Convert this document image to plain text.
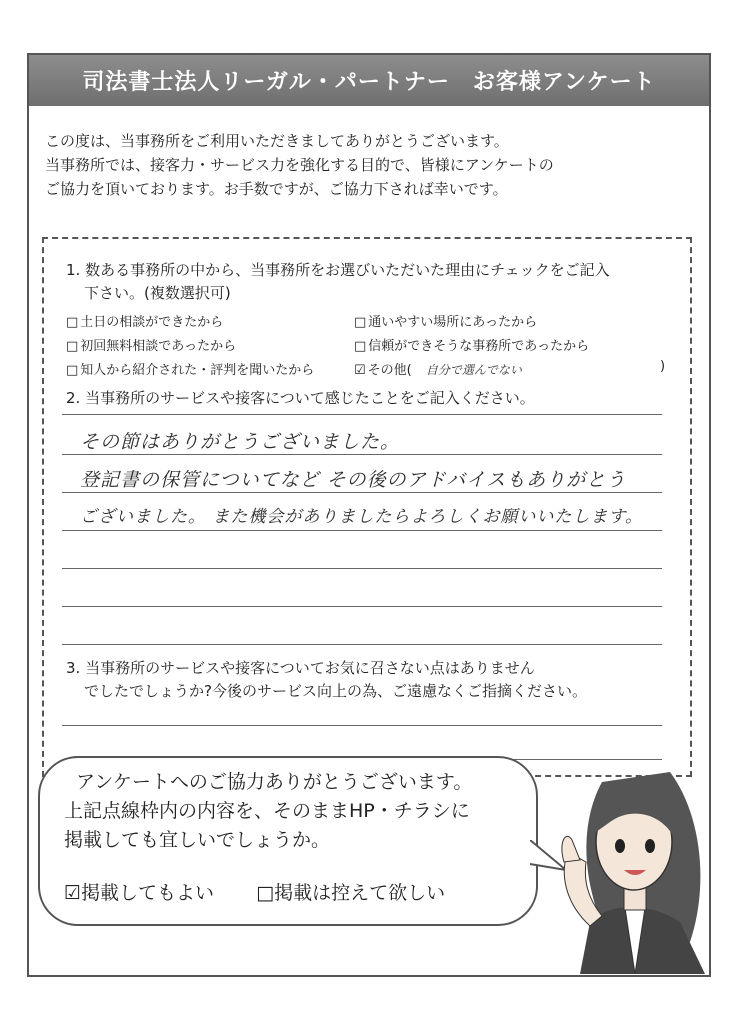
司法書士法人リーガル・パートナー　お客様アンケート
この度は、当事務所をご利用いただきましてありがとうございます。
当事務所では、接客力・サービス力を強化する目的で、皆様にアンケートの
ご協力を頂いております。お手数ですが、ご協力下されば幸いです。
1. 数ある事務所の中から、当事務所をお選びいただいた理由にチェックをご記入
下さい。(複数選択可)
□ 土日の相談ができたから	□ 通いやすい場所にあったから
□ 初回無料相談であったから	□ 信頼ができそうな事務所であったから
□ 知人から紹介された・評判を聞いたから	☑ その他( 自分で選んでない	)
2. 当事務所のサービスや接客について感じたことをご記入ください。
その節はありがとうございました。
登記書の保管についてなど その後のアドバイスもありがとう
ございました。 また機会がありましたらよろしくお願いいたします。
3. 当事務所のサービスや接客についてお気に召さない点はありません
でしたでしょうか?今後のサービス向上の為、ご遠慮なくご指摘ください。
アンケートへのご協力ありがとうございます。
上記点線枠内の内容を、そのままHP・チラシに
掲載しても宜しいでしょうか。
☑掲載してもよい □掲載は控えて欲しい
